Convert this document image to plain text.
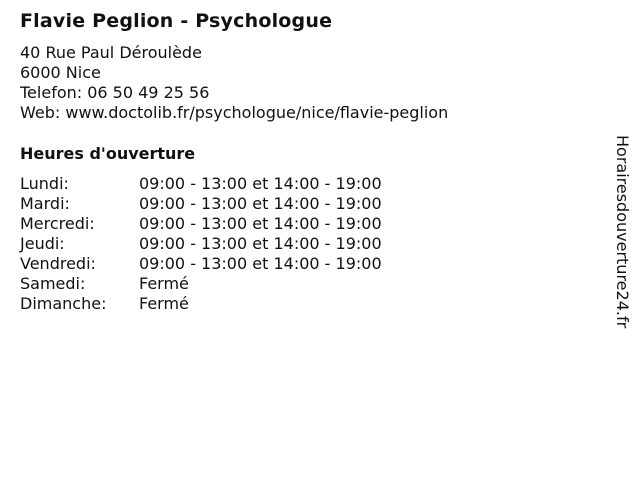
Flavie Peglion - Psychologue
40 Rue Paul Déroulède
6000 Nice
Telefon: 06 50 49 25 56
Web: www.doctolib.fr/psychologue/nice/flavie-peglion
Heures d'ouverture
Lundi:	09:00 - 13:00 et 14:00 - 19:00
Mardi:	09:00 - 13:00 et 14:00 - 19:00
Mercredi:	09:00 - 13:00 et 14:00 - 19:00
Jeudi:	09:00 - 13:00 et 14:00 - 19:00
Vendredi:	09:00 - 13:00 et 14:00 - 19:00
Samedi:	Fermé
Dimanche:	Fermé	Horairesdouverture24.fr
